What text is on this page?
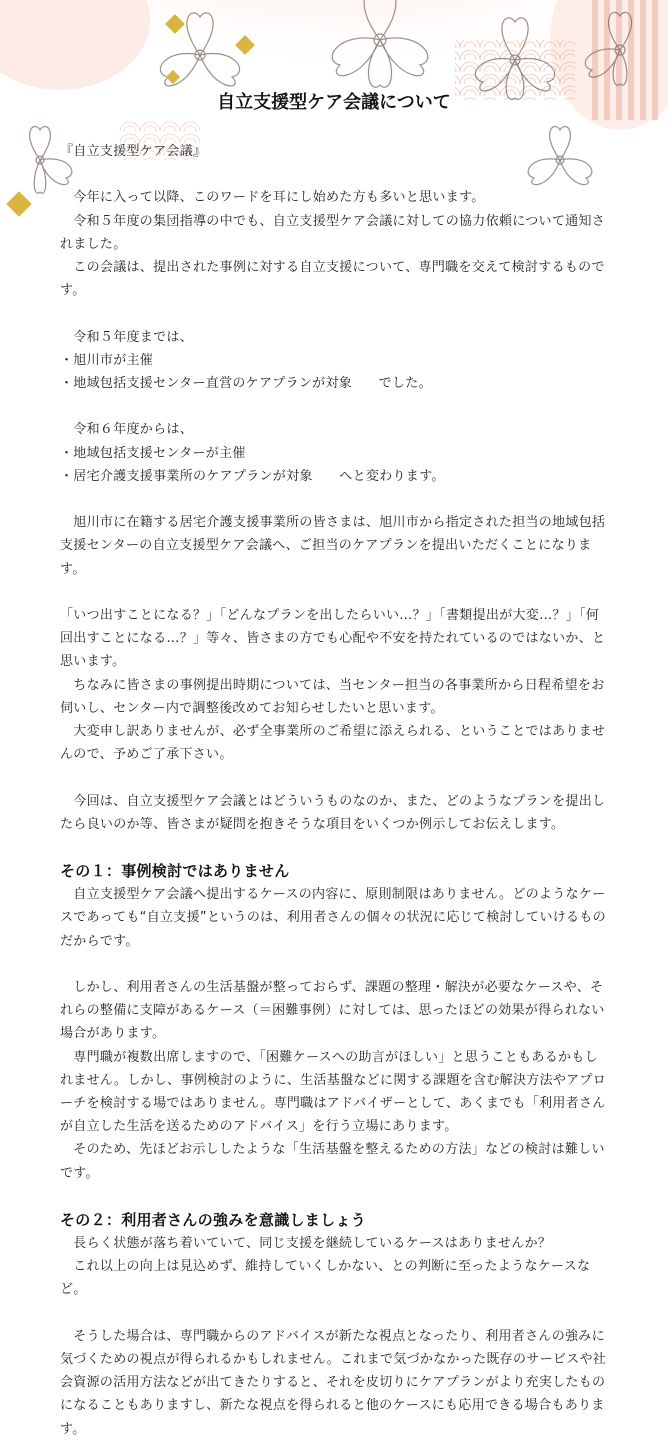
自立支援型ケア会議について

『自立支援型ケア会議』

　今年に入って以降、このワードを耳にし始めた方も多いと思います。

　令和５年度の集団指導の中でも、自立支援型ケア会議に対しての協力依頼について通知されました。

　この会議は、提出された事例に対する自立支援について、専門職を交えて検討するものです。

　令和５年度までは、

・旭川市が主催

・地域包括支援センター直営のケアプランが対象　　でした。

　令和６年度からは、

・地域包括支援センターが主催

・居宅介護支援事業所のケアプランが対象　　へと変わります。

　旭川市に在籍する居宅介護支援事業所の皆さまは、旭川市から指定された担当の地域包括支援センターの自立支援型ケア会議へ、ご担当のケアプランを提出いただくことになります。

「いつ出すことになる？」「どんなプランを出したらいい…？」「書類提出が大変…？」「何回出すことになる…？」等々、皆さまの方でも心配や不安を持たれているのではないか、と思います。

　ちなみに皆さまの事例提出時期については、当センター担当の各事業所から日程希望をお伺いし、センター内で調整後改めてお知らせしたいと思います。

　大変申し訳ありませんが、必ず全事業所のご希望に添えられる、ということではありませんので、予めご了承下さい。

　今回は、自立支援型ケア会議とはどういうものなのか、また、どのようなプランを提出したら良いのか等、皆さまが疑問を抱きそうな項目をいくつか例示してお伝えします。

その１：事例検討ではありません

　自立支援型ケア会議へ提出するケースの内容に、原則制限はありません。どのようなケースであっても“自立支援”というのは、利用者さんの個々の状況に応じて検討していけるものだからです。

　しかし、利用者さんの生活基盤が整っておらず、課題の整理・解決が必要なケースや、それらの整備に支障があるケース（＝困難事例）に対しては、思ったほどの効果が得られない場合があります。

　専門職が複数出席しますので、「困難ケースへの助言がほしい」と思うこともあるかもしれません。しかし、事例検討のように、生活基盤などに関する課題を含む解決方法やアプローチを検討する場ではありません。専門職はアドバイザーとして、あくまでも「利用者さんが自立した生活を送るためのアドバイス」を行う立場にあります。

　そのため、先ほどお示ししたような「生活基盤を整えるための方法」などの検討は難しいです。

その２：利用者さんの強みを意識しましょう

　長らく状態が落ち着いていて、同じ支援を継続しているケースはありませんか？

　これ以上の向上は見込めず、維持していくしかない、との判断に至ったようなケースなど。

　そうした場合は、専門職からのアドバイスが新たな視点となったり、利用者さんの強みに気づくための視点が得られるかもしれません。これまで気づかなかった既存のサービスや社会資源の活用方法などが出てきたりすると、それを皮切りにケアプランがより充実したものになることもありますし、新たな視点を得られると他のケースにも応用できる場合もあります。
